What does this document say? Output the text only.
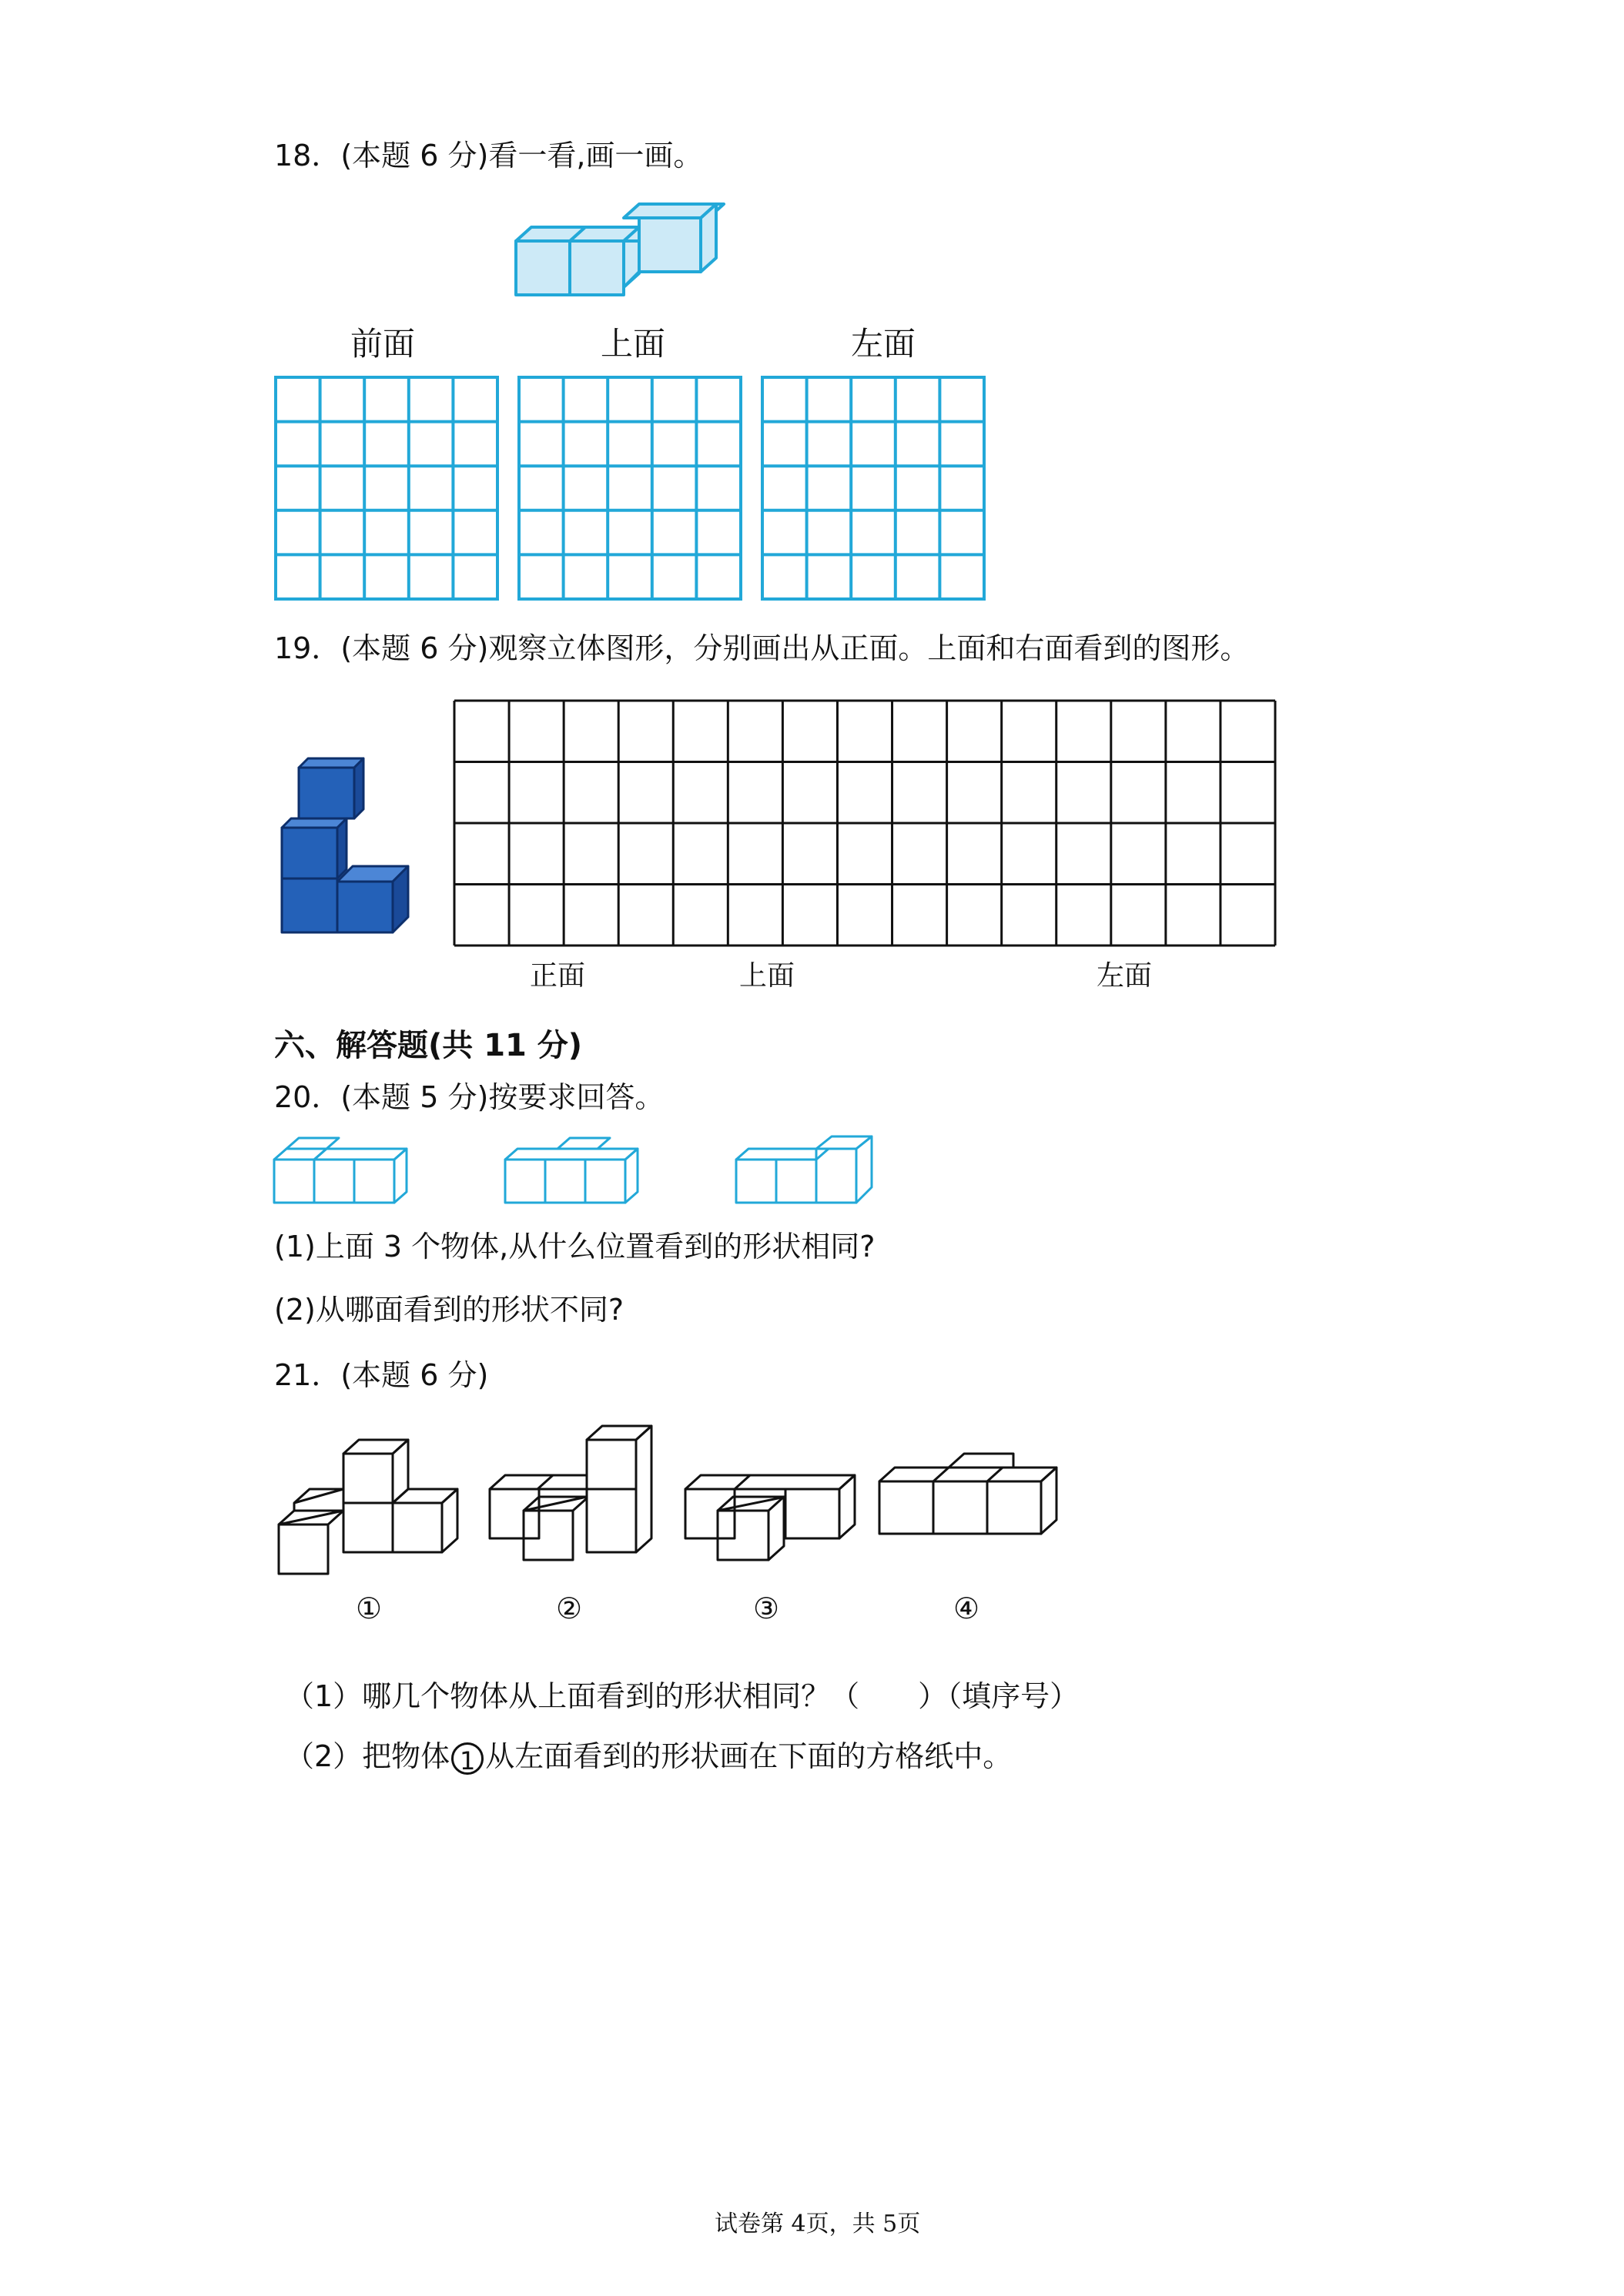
18．(本题 6 分)看一看,画一画。
前面	上面	左面
19．(本题 6 分)观察立体图形，分别画出从正面。上面和右面看到的图形。
正面	上面	左面
六、解答题(共 11 分)
20．(本题 5 分)按要求回答。
(1)上面 3 个物体,从什么位置看到的形状相同?
(2)从哪面看到的形状不同?
21．(本题 6 分)
①	②	③	④
（1）哪几个物体从上面看到的形状相同？（　　）（填序号）
（2）把物体 1 从左面看到的形状画在下面的方格纸中。
试卷第 4页，共 5页
